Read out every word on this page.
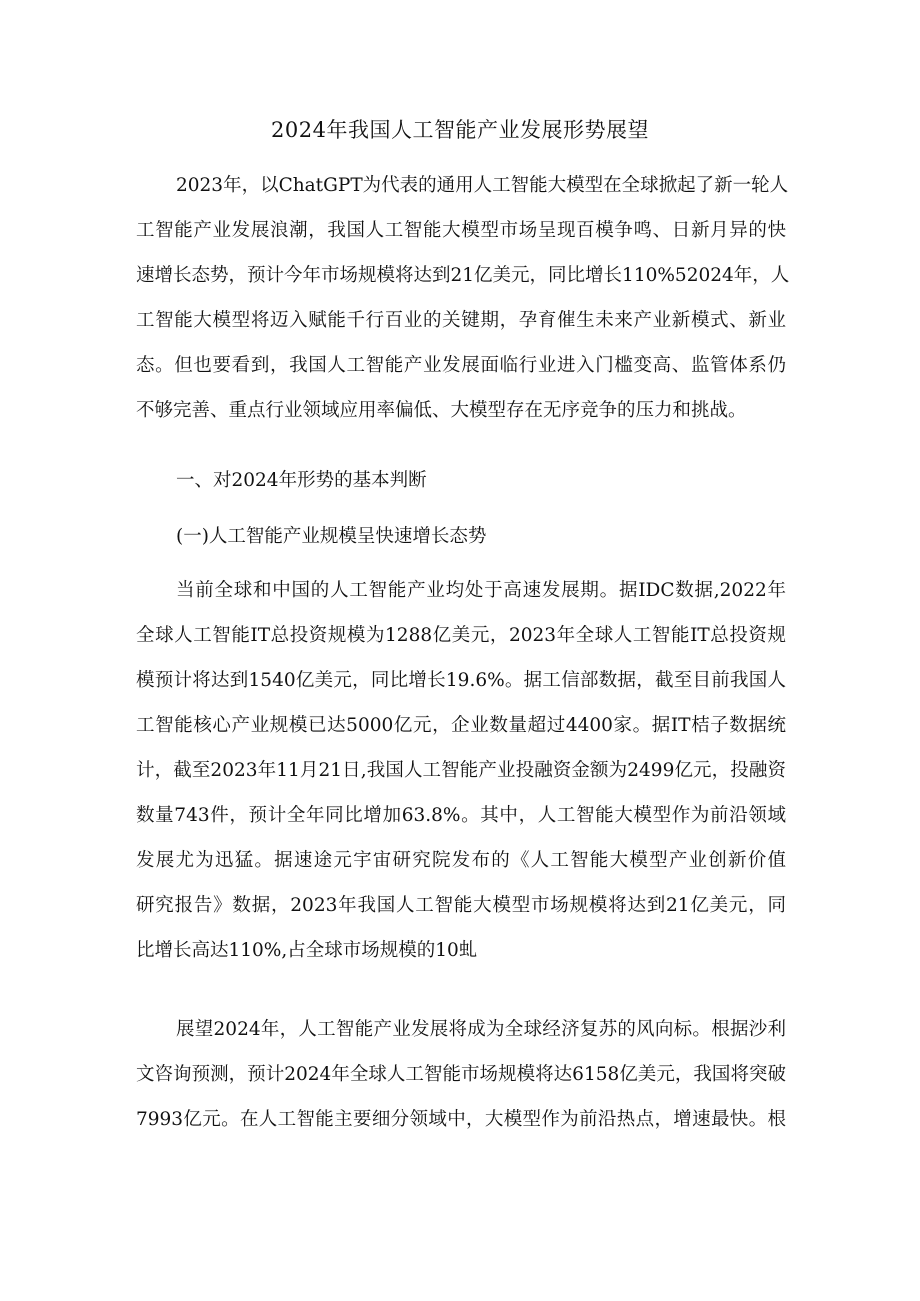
2024年我国人工智能产业发展形势展望
2023年，以ChatGPT为代表的通用人工智能大模型在全球掀起了新一轮人
工智能产业发展浪潮，我国人工智能大模型市场呈现百模争鸣、日新月异的快
速增长态势，预计今年市场规模将达到21亿美元，同比增长110%52024年，人
工智能大模型将迈入赋能千行百业的关键期，孕育催生未来产业新模式、新业
态。但也要看到，我国人工智能产业发展面临行业进入门槛变高、监管体系仍
不够完善、重点行业领域应用率偏低、大模型存在无序竞争的压力和挑战。
一、对2024年形势的基本判断
(一)人工智能产业规模呈快速增长态势
当前全球和中国的人工智能产业均处于高速发展期。据IDC数据,2022年
全球人工智能IT总投资规模为1288亿美元，2023年全球人工智能IT总投资规
模预计将达到1540亿美元，同比增长19.6%。据工信部数据，截至目前我国人
工智能核心产业规模已达5000亿元，企业数量超过4400家。据IT桔子数据统
计，截至2023年11月21日,我国人工智能产业投融资金额为2499亿元，投融资
数量743件，预计全年同比增加63.8%。其中，人工智能大模型作为前沿领域
发展尤为迅猛。据速途元宇宙研究院发布的《人工智能大模型产业创新价值
研究报告》数据，2023年我国人工智能大模型市场规模将达到21亿美元，同
比增长高达110%,占全球市场规模的10虬
展望2024年，人工智能产业发展将成为全球经济复苏的风向标。根据沙利
文咨询预测，预计2024年全球人工智能市场规模将达6158亿美元，我国将突破
7993亿元。在人工智能主要细分领域中，大模型作为前沿热点，增速最快。根
